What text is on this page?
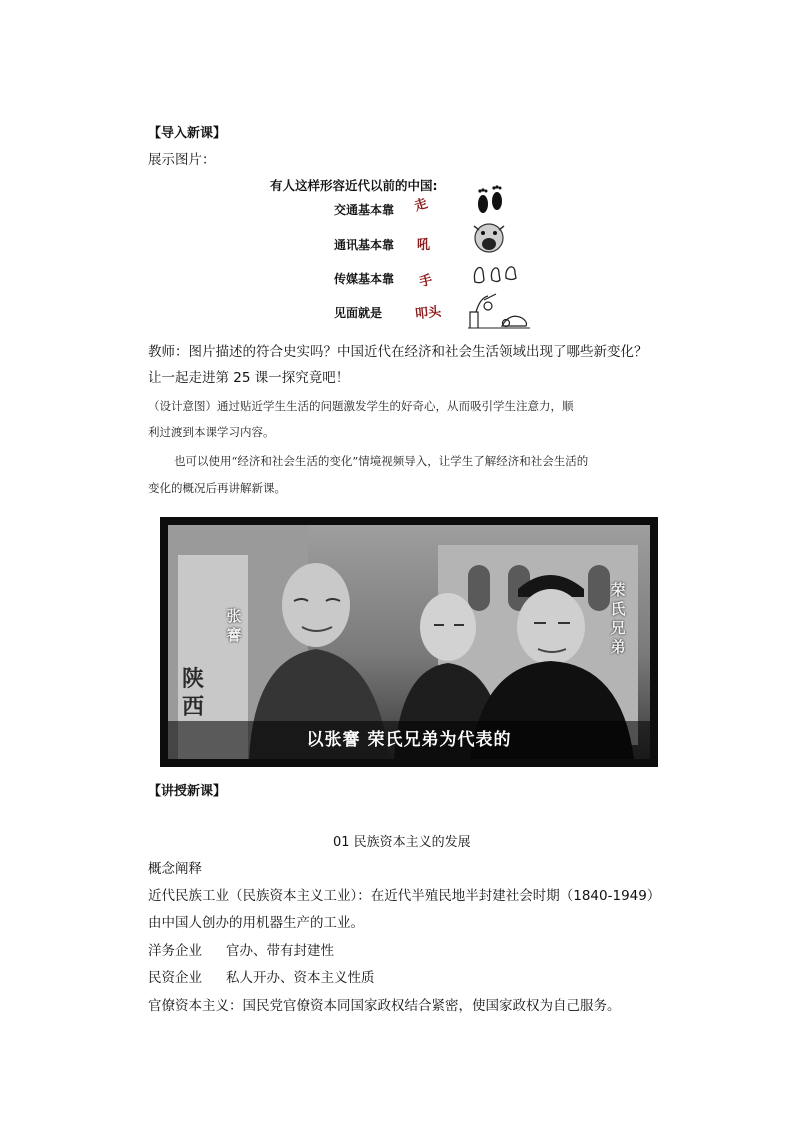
【导入新课】
展示图片：
有人这样形容近代以前的中国:
交通基本靠 走
通讯基本靠 吼
传媒基本靠 手
见面就是 叩头
教师：图片描述的符合史实吗？中国近代在经济和社会生活领域出现了哪些新变化？
让一起走进第 25 课一探究竟吧！
（设计意图）通过贴近学生生活的问题激发学生的好奇心，从而吸引学生注意力，顺
利过渡到本课学习内容。
也可以使用“经济和社会生活的变化”情境视频导入，让学生了解经济和社会生活的
变化的概况后再讲解新课。
陕西
张謇
荣氏兄弟
以张謇 荣氏兄弟为代表的
【讲授新课】
01 民族资本主义的发展
概念阐释
近代民族工业（民族资本主义工业）：在近代半殖民地半封建社会时期（1840-1949）
由中国人创办的用机器生产的工业。
洋务企业 官办、带有封建性
民资企业 私人开办、资本主义性质
官僚资本主义：国民党官僚资本同国家政权结合紧密，使国家政权为自己服务。
